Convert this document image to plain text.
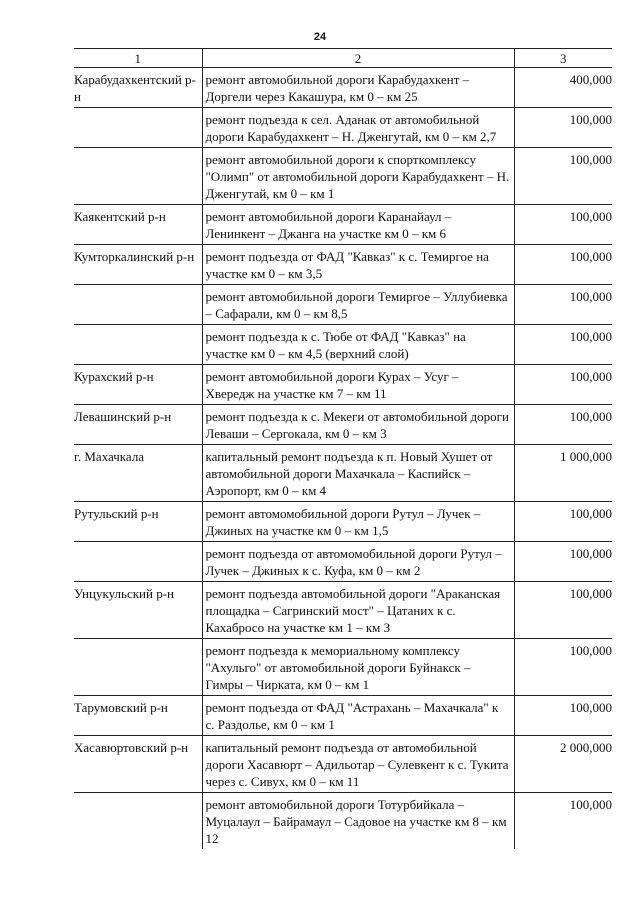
24
1	2	3
Карабудахкентский р-н	ремонт автомобильной дороги Карабудахкент – Доргели через Какашура, км 0 – км 25	400,000
	ремонт подъезда к сел. Аданак от автомобильной дороги Карабудахкент – Н. Дженгутай, км 0 – км 2,7	100,000
	ремонт автомобильной дороги к спорткомплексу "Олимп" от автомобильной дороги Карабудахкент – Н. Дженгутай, км 0 – км 1	100,000
Каякентский р-н	ремонт автомобильной дороги Каранайаул – Ленинкент – Джанга на участке км 0 – км 6	100,000
Кумторкалинский р-н	ремонт подъезда от ФАД "Кавказ" к с. Темиргое на участке км 0 – км 3,5	100,000
	ремонт автомобильной дороги Темиргое – Уллубиевка – Сафарали, км 0 – км 8,5	100,000
	ремонт подъезда к с. Тюбе от ФАД "Кавказ" на участке км 0 – км 4,5 (верхний слой)	100,000
Курахский р-н	ремонт автомобильной дороги Курах – Усуг – Хвередж на участке км 7 – км 11	100,000
Левашинский р-н	ремонт подъезда к с. Мекеги от автомобильной дороги Леваши – Сергокала, км 0 – км 3	100,000
г. Махачкала	капитальный ремонт подъезда к п. Новый Хушет от автомобильной дороги Махачкала – Каспийск – Аэропорт, км 0 – км 4	1 000,000
Рутульский р-н	ремонт автомомобильной дороги Рутул – Лучек – Джиных на участке км 0 – км 1,5	100,000
	ремонт подъезда от автомомобильной дороги Рутул – Лучек – Джиных к с. Куфа, км 0 – км 2	100,000
Унцукульский р-н	ремонт подъезда автомобильной дороги "Араканская площадка – Сагринский мост" – Цатаних к с. Кахабросо на участке км 1 – км 3	100,000
	ремонт подъезда к мемориальному комплексу "Ахульго" от автомобильной дороги Буйнакск – Гимры – Чирката, км 0 – км 1	100,000
Тарумовский р-н	ремонт подъезда от ФАД "Астрахань – Махачкала" к с. Раздолье, км 0 – км 1	100,000
Хасавюртовский р-н	капитальный ремонт подъезда от автомобильной дороги Хасавюрт – Адильотар – Сулевкент к с. Тукита через с. Сивух, км 0 – км 11	2 000,000
	ремонт автомобильной дороги Тотурбийкала – Муцалаул – Байрамаул – Садовое на участке км 8 – км 12	100,000
